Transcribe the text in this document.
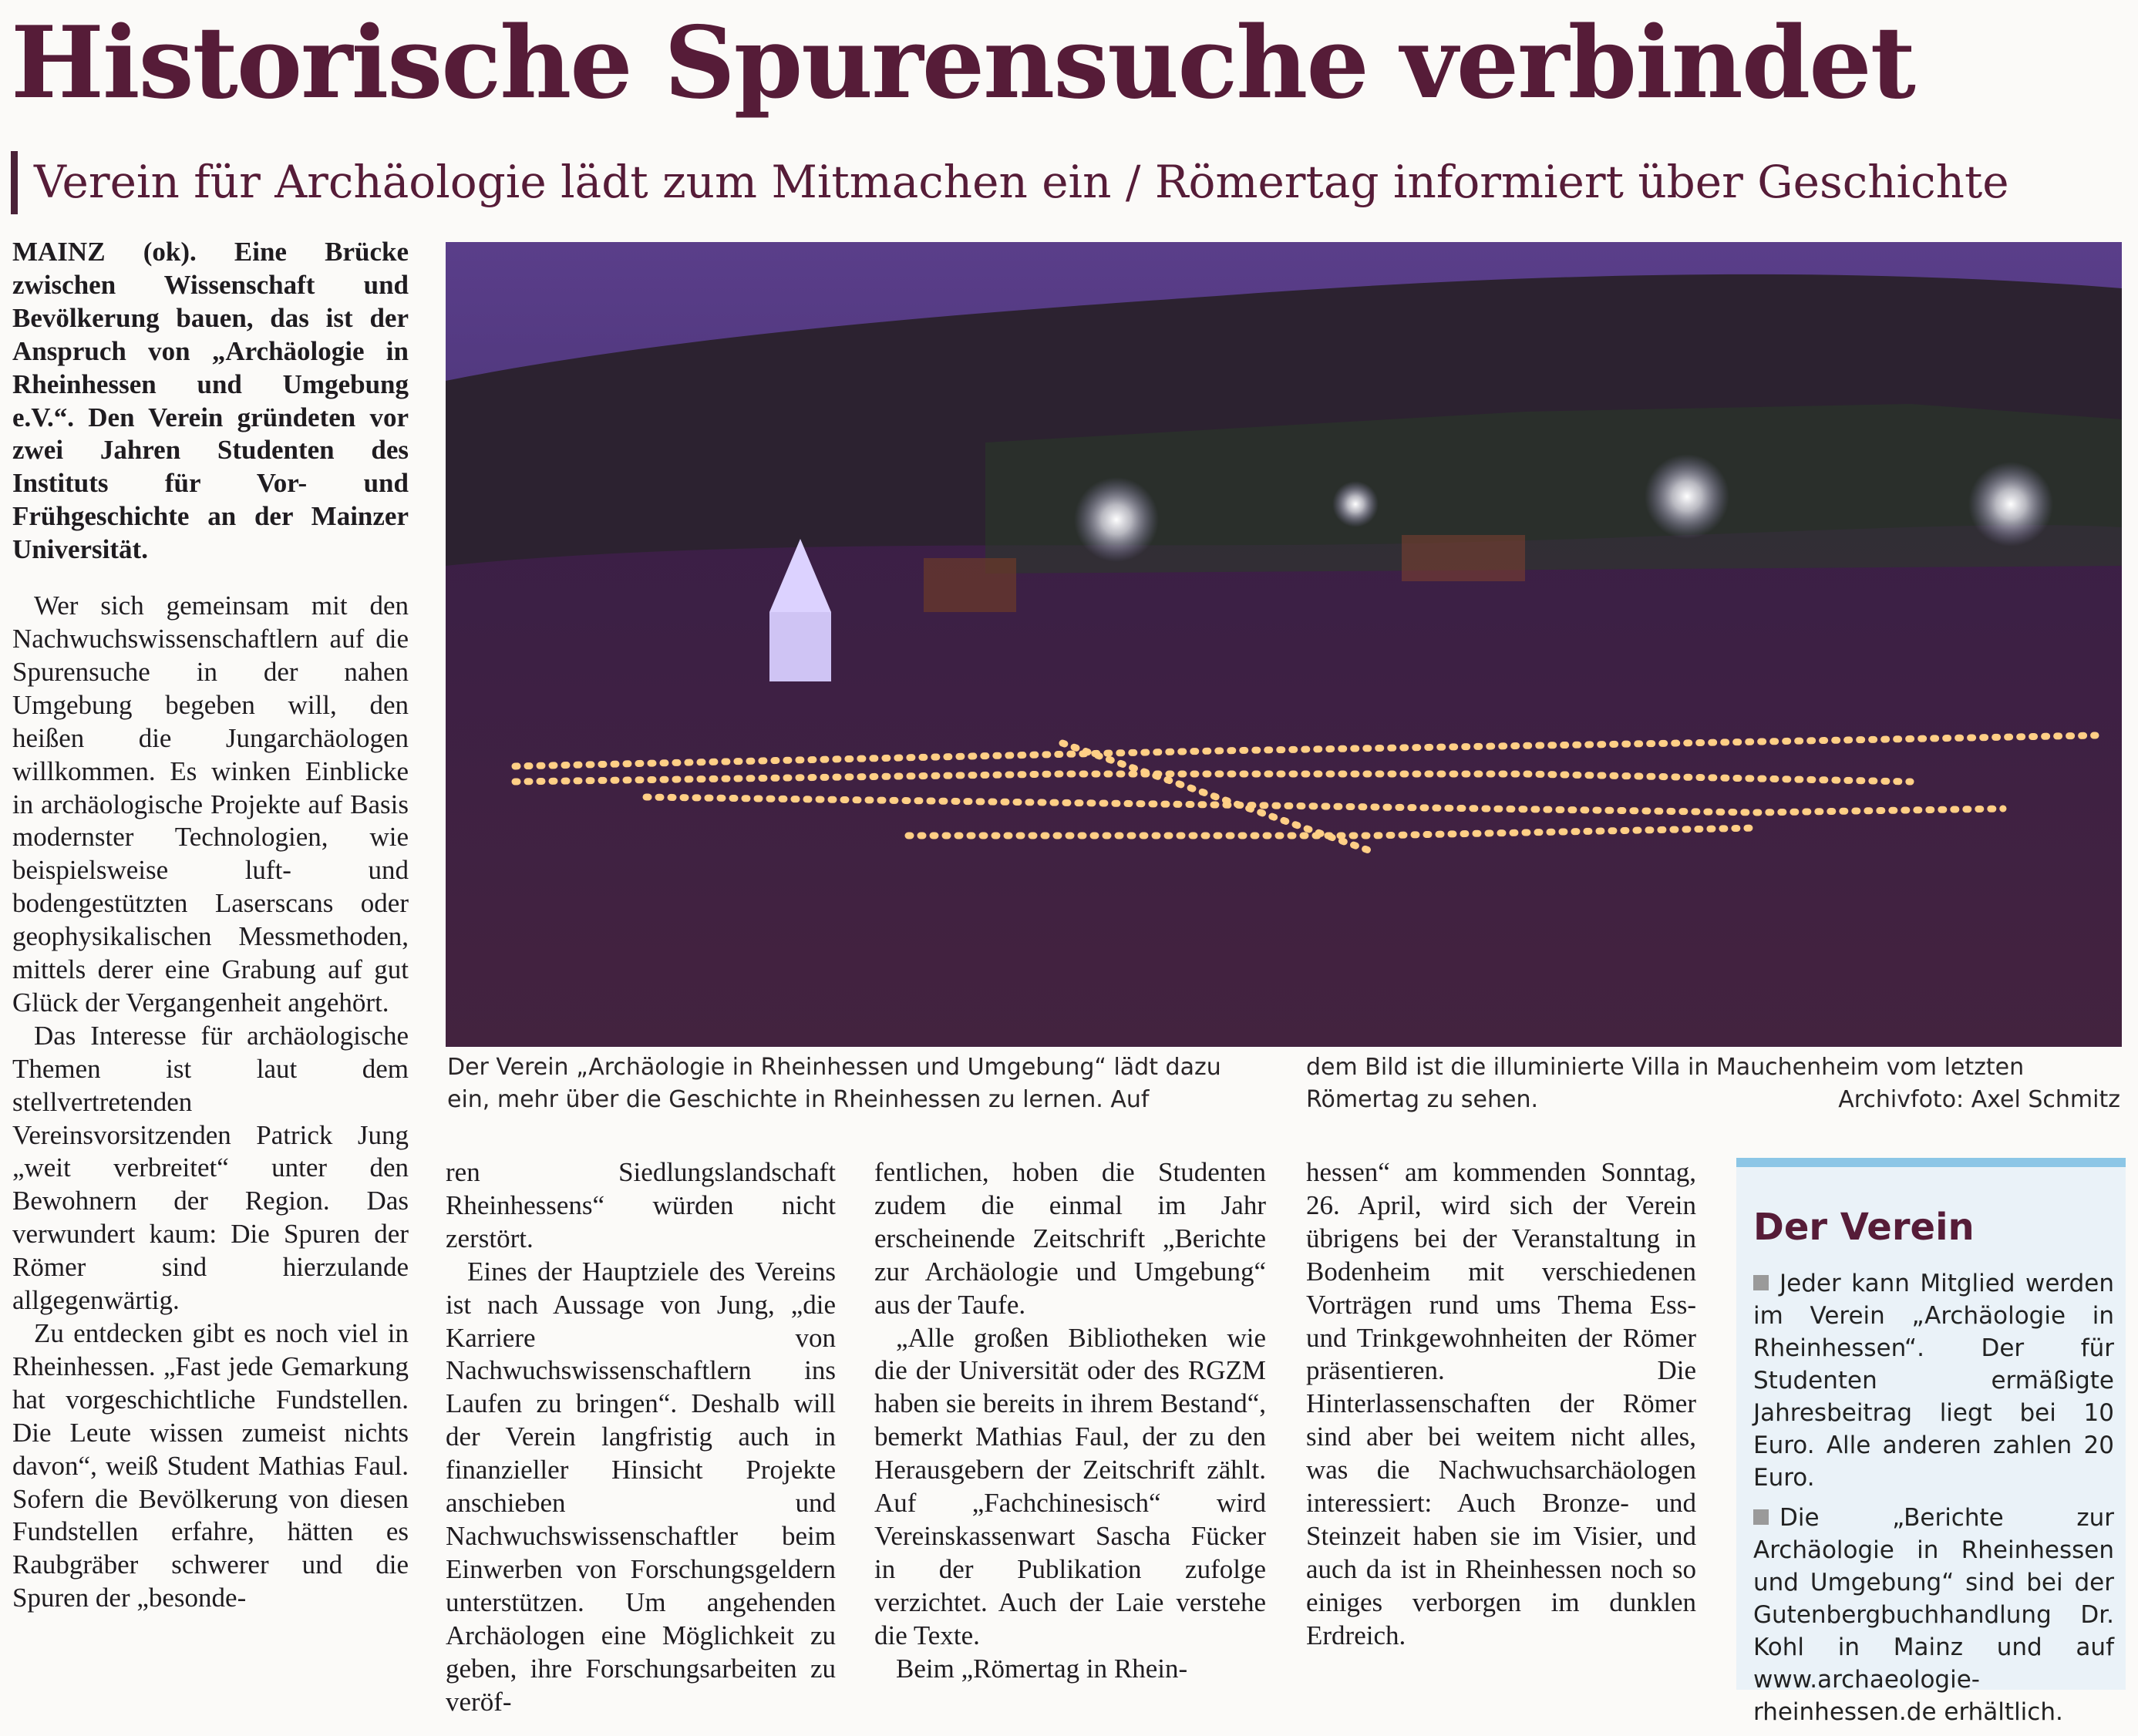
Historische Spurensuche verbindet
Verein für Archäologie lädt zum Mitmachen ein / Römertag informiert über Geschichte

MAINZ (ok). Eine Brücke zwischen Wissenschaft und Bevölkerung bauen, das ist der Anspruch von „Archäologie in Rheinhessen und Umgebung e.V.“. Den Verein gründeten vor zwei Jahren Studenten des Instituts für Vor- und Frühgeschichte an der Mainzer Universität.

Wer sich gemeinsam mit den Nachwuchswissenschaftlern auf die Spurensuche in der nahen Umgebung begeben will, den heißen die Jungarchäologen willkommen. Es winken Einblicke in archäologische Projekte auf Basis modernster Technologien, wie beispielsweise luft- und bodengestützten Laserscans oder geophysikalischen Messmethoden, mittels derer eine Grabung auf gut Glück der Vergangenheit angehört.

Das Interesse für archäologische Themen ist laut dem stellvertretenden Vereinsvorsitzenden Patrick Jung „weit verbreitet“ unter den Bewohnern der Region. Das verwundert kaum: Die Spuren der Römer sind hierzulande allgegenwärtig.

Zu entdecken gibt es noch viel in Rheinhessen. „Fast jede Gemarkung hat vorgeschichtliche Fundstellen. Die Leute wissen zumeist nichts davon“, weiß Student Mathias Faul. Sofern die Bevölkerung von diesen Fundstellen erfahre, hätten es Raubgräber schwerer und die Spuren der „besonde-

Der Verein „Archäologie in Rheinhessen und Umgebung“ lädt dazu ein, mehr über die Geschichte in Rheinhessen zu lernen. Auf
dem Bild ist die illuminierte Villa in Mauchenheim vom letzten Römertag zu sehen.	Archivfoto: Axel Schmitz

ren Siedlungslandschaft Rheinhessens“ würden nicht zerstört.

Eines der Hauptziele des Vereins ist nach Aussage von Jung, „die Karriere von Nachwuchswissenschaftlern ins Laufen zu bringen“. Deshalb will der Verein langfristig auch in finanzieller Hinsicht Projekte anschieben und Nachwuchswissenschaftler beim Einwerben von Forschungsgeldern unterstützen. Um angehenden Archäologen eine Möglichkeit zu geben, ihre Forschungsarbeiten zu veröf-

fentlichen, hoben die Studenten zudem die einmal im Jahr erscheinende Zeitschrift „Berichte zur Archäologie und Umgebung“ aus der Taufe.

„Alle großen Bibliotheken wie die der Universität oder des RGZM haben sie bereits in ihrem Bestand“, bemerkt Mathias Faul, der zu den Herausgebern der Zeitschrift zählt. Auf „Fachchinesisch“ wird Vereinskassenwart Sascha Fücker in der Publikation zufolge verzichtet. Auch der Laie verstehe die Texte.

Beim „Römertag in Rhein-

hessen“ am kommenden Sonntag, 26. April, wird sich der Verein übrigens bei der Veranstaltung in Bodenheim mit verschiedenen Vorträgen rund ums Thema Ess- und Trinkgewohnheiten der Römer präsentieren. Die Hinterlassenschaften der Römer sind aber bei weitem nicht alles, was die Nachwuchsarchäologen interessiert: Auch Bronze- und Steinzeit haben sie im Visier, und auch da ist in Rheinhessen noch so einiges verborgen im dunklen Erdreich.

Der Verein

Jeder kann Mitglied werden im Verein „Archäologie in Rheinhessen“. Der für Studenten ermäßigte Jahresbeitrag liegt bei 10 Euro. Alle anderen zahlen 20 Euro.

Die „Berichte zur Archäologie in Rheinhessen und Umgebung“ sind bei der Gutenbergbuchhandlung Dr. Kohl in Mainz und auf www.archaeologie-rheinhessen.de erhältlich.
